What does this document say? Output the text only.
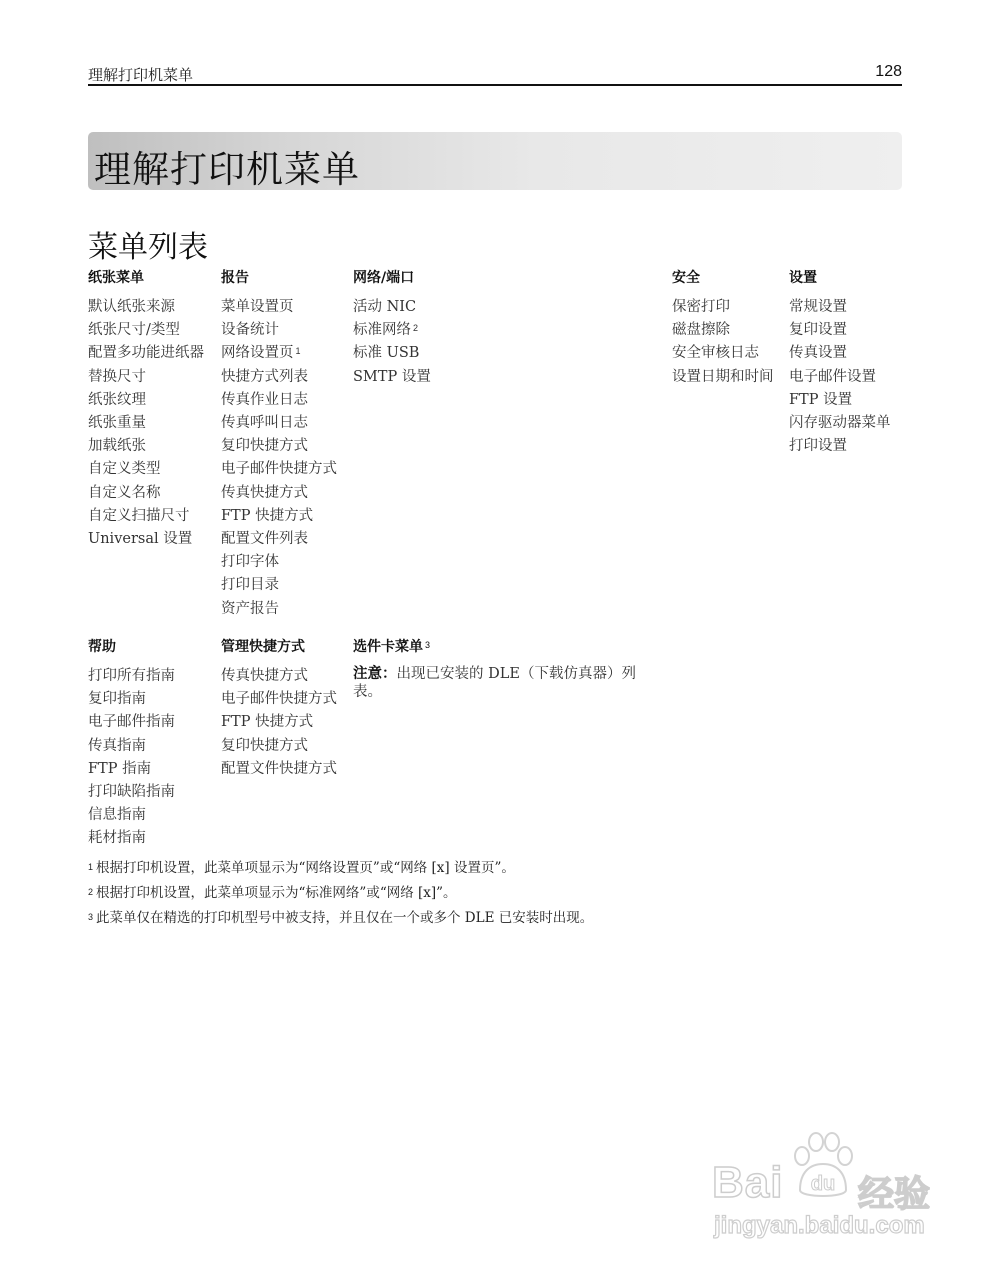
理解打印机菜单	128
理解打印机菜单
菜单列表
纸张菜单
默认纸张来源
纸张尺寸/类型
配置多功能进纸器
替换尺寸
纸张纹理
纸张重量
加载纸张
自定义类型
自定义名称
自定义扫描尺寸
Universal 设置
报告
菜单设置页
设备统计
网络设置页 $^1$
快捷方式列表
传真作业日志
传真呼叫日志
复印快捷方式
电子邮件快捷方式
传真快捷方式
FTP 快捷方式
配置文件列表
打印字体
打印目录
资产报告
网络/端口
活动 NIC
标准网络 $^2$
标准 USB
SMTP 设置
安全
保密打印
磁盘擦除
安全审核日志
设置日期和时间
设置
常规设置
复印设置
传真设置
电子邮件设置
FTP 设置
闪存驱动器菜单
打印设置
帮助
打印所有指南
复印指南
电子邮件指南
传真指南
FTP 指南
打印缺陷指南
信息指南
耗材指南
管理快捷方式
传真快捷方式
电子邮件快捷方式
FTP 快捷方式
复印快捷方式
配置文件快捷方式
选件卡菜单 $^3$
注意：出现已安装的 DLE（下载仿真器）列表。
$^1$ 根据打印机设置，此菜单项显示为“网络设置页”或“网络 [x] 设置页”。
$^2$ 根据打印机设置，此菜单项显示为“标准网络”或“网络 [x]”。
$^3$ 此菜单仅在精选的打印机型号中被支持，并且仅在一个或多个 DLE 已安装时出现。
du
Bai 经验
jingyan.baidu.com
